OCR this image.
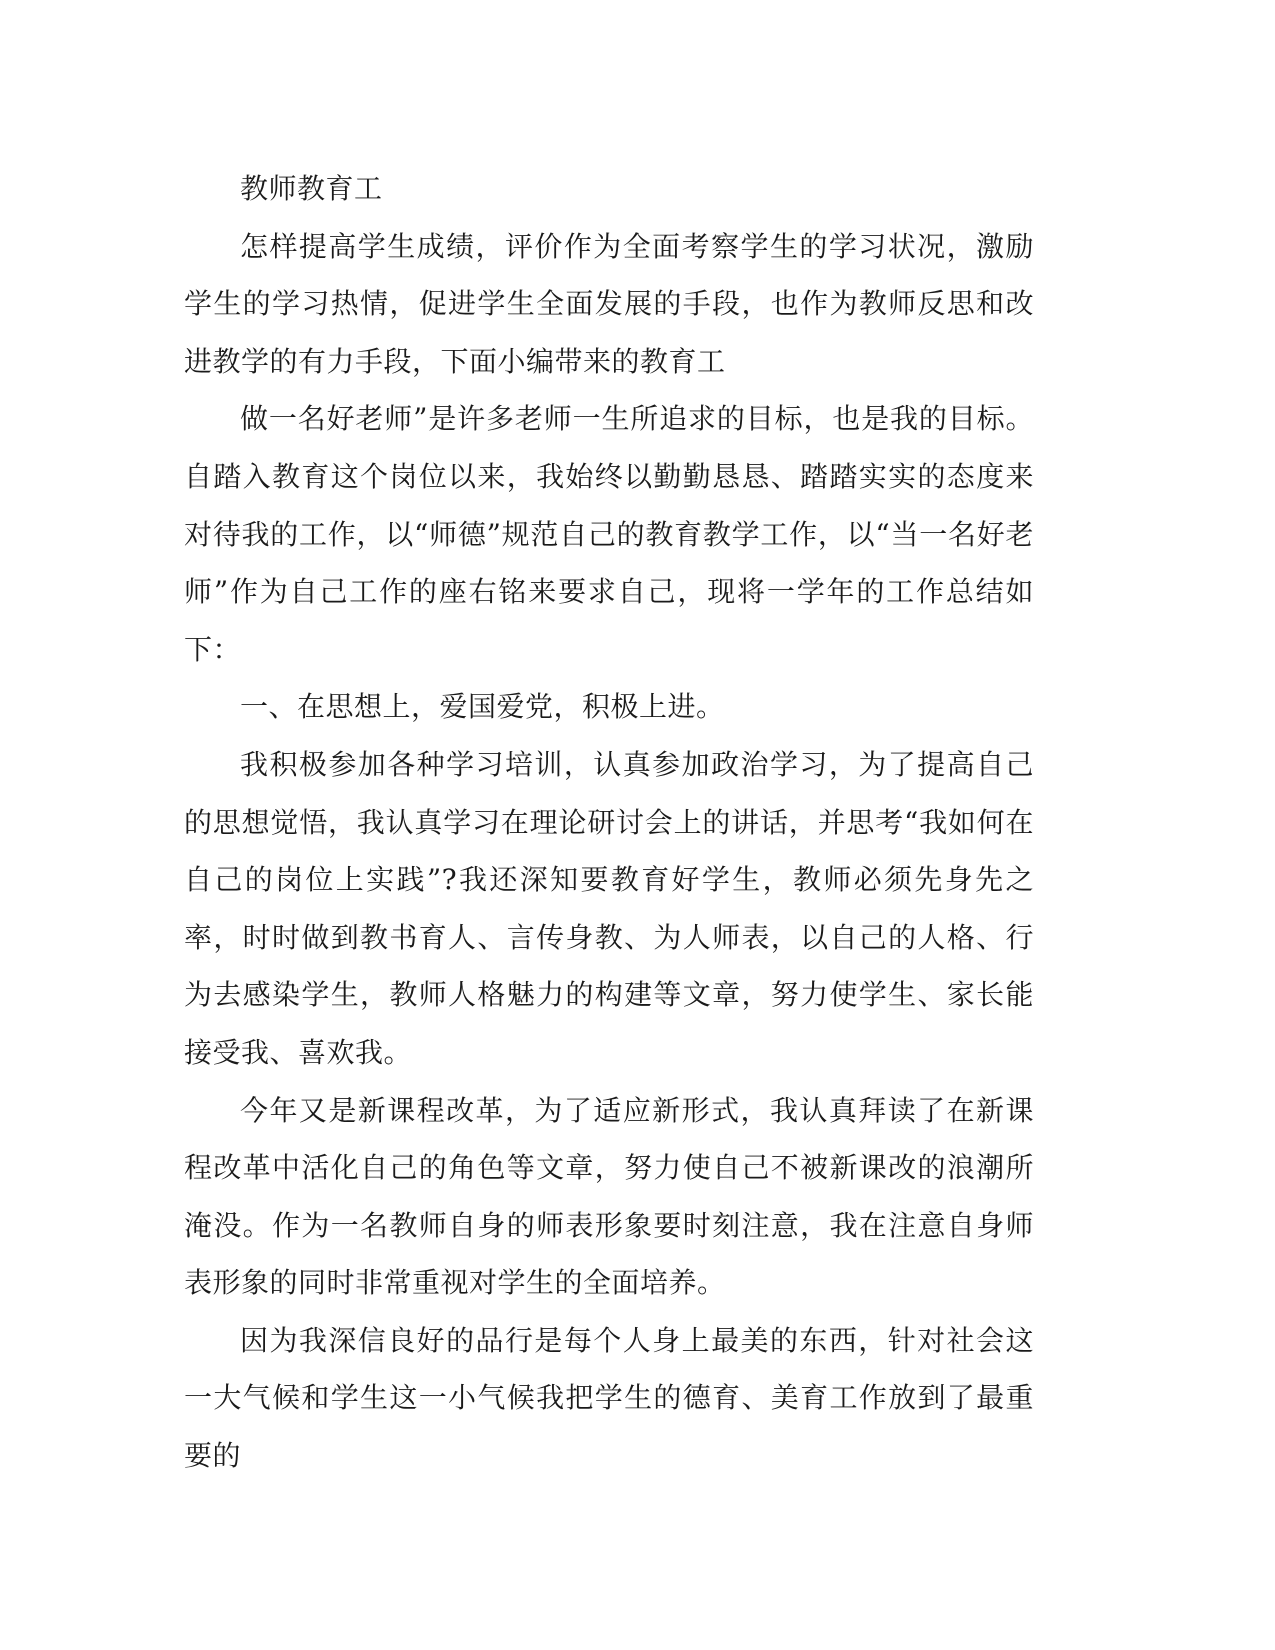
教师教育工

怎样提高学生成绩，评价作为全面考察学生的学习状况，激励学生的学习热情，促进学生全面发展的手段，也作为教师反思和改进教学的有力手段，下面小编带来的教育工

做一名好老师”是许多老师一生所追求的目标，也是我的目标。自踏入教育这个岗位以来，我始终以勤勤恳恳、踏踏实实的态度来对待我的工作，以“师德”规范自己的教育教学工作，以“当一名好老师”作为自己工作的座右铭来要求自己，现将一学年的工作总结如下：

一、在思想上，爱国爱党，积极上进。

我积极参加各种学习培训，认真参加政治学习，为了提高自己的思想觉悟，我认真学习在理论研讨会上的讲话，并思考“我如何在自己的岗位上实践”?我还深知要教育好学生，教师必须先身先之率，时时做到教书育人、言传身教、为人师表，以自己的人格、行为去感染学生，教师人格魅力的构建等文章，努力使学生、家长能接受我、喜欢我。

今年又是新课程改革，为了适应新形式，我认真拜读了在新课程改革中活化自己的角色等文章，努力使自己不被新课改的浪潮所淹没。作为一名教师自身的师表形象要时刻注意，我在注意自身师表形象的同时非常重视对学生的全面培养。

因为我深信良好的品行是每个人身上最美的东西，针对社会这一大气候和学生这一小气候我把学生的德育、美育工作放到了最重要的
